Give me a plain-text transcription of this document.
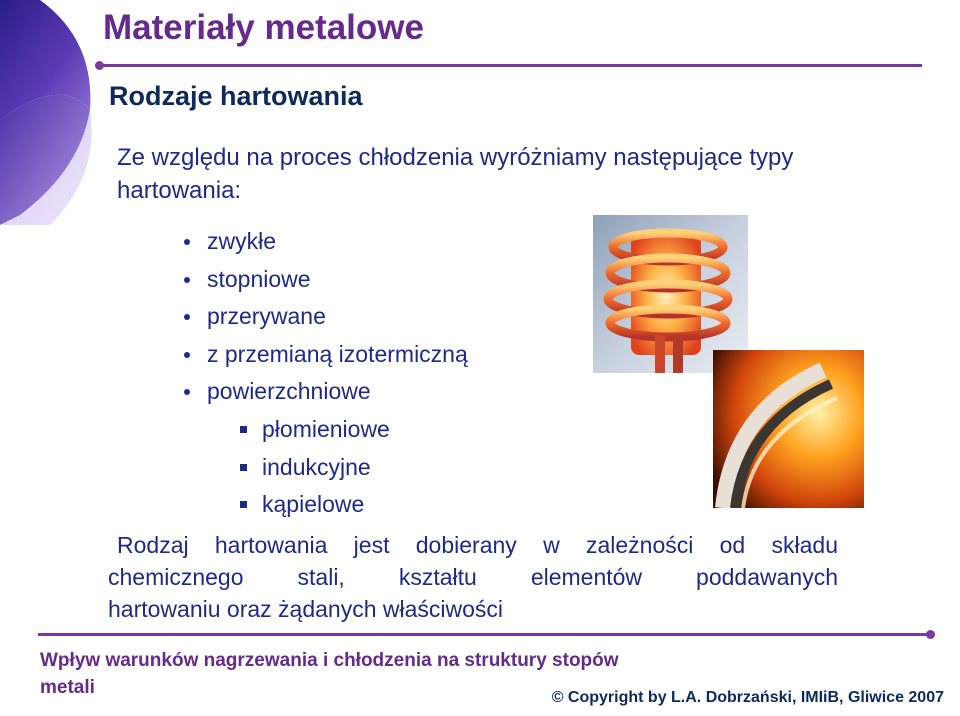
Materiały metalowe
Rodzaje hartowania
Ze względu na proces chłodzenia wyróżniamy następujące typy hartowania:
zwykłe
stopniowe
przerywane
z przemianą izotermiczną
powierzchniowe
płomieniowe
indukcyjne
kąpielowe
Rodzaj hartowania jest dobierany w zależności od składu
chemicznego stali, kształtu elementów poddawanych
hartowaniu oraz żądanych właściwości
Wpływ warunków nagrzewania i chłodzenia na struktury stopów metali	© Copyright by L.A. Dobrzański, IMIiB, Gliwice 2007
